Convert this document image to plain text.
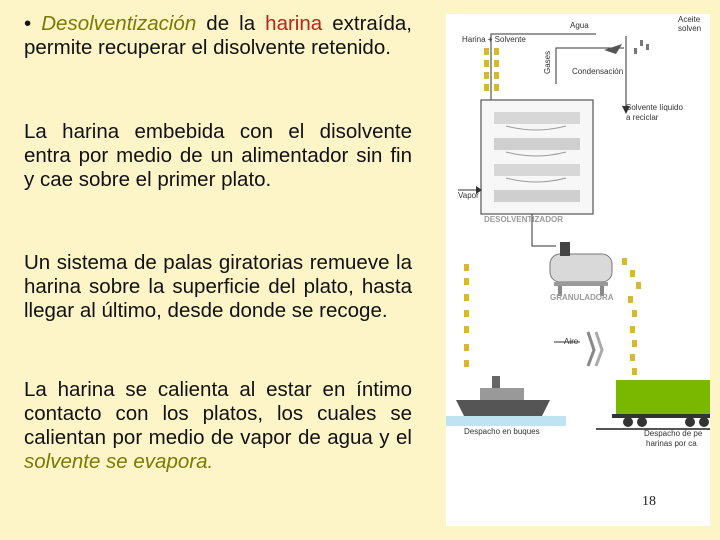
• Desolventización de la harina extraída, permite recuperar el disolvente retenido.

La harina embebida con el disolvente entra por medio de un alimentador sin fin y cae sobre el primer plato.

Un sistema de palas giratorias remueve la harina sobre la superficie del plato, hasta llegar al último, desde donde se recoge.

La harina se calienta al estar en íntimo contacto con los platos, los cuales se calientan por medio de vapor de agua y el solvente se evapora.

Harina + Solvente
Agua
Gases	Condensación
Solvente líquido
a reciclar
Vapor
DESOLVENTIZADOR
GRANULADORA
Aire
Despacho en buques	Despacho de pe
harinas por ca
Aceite
solven
18
